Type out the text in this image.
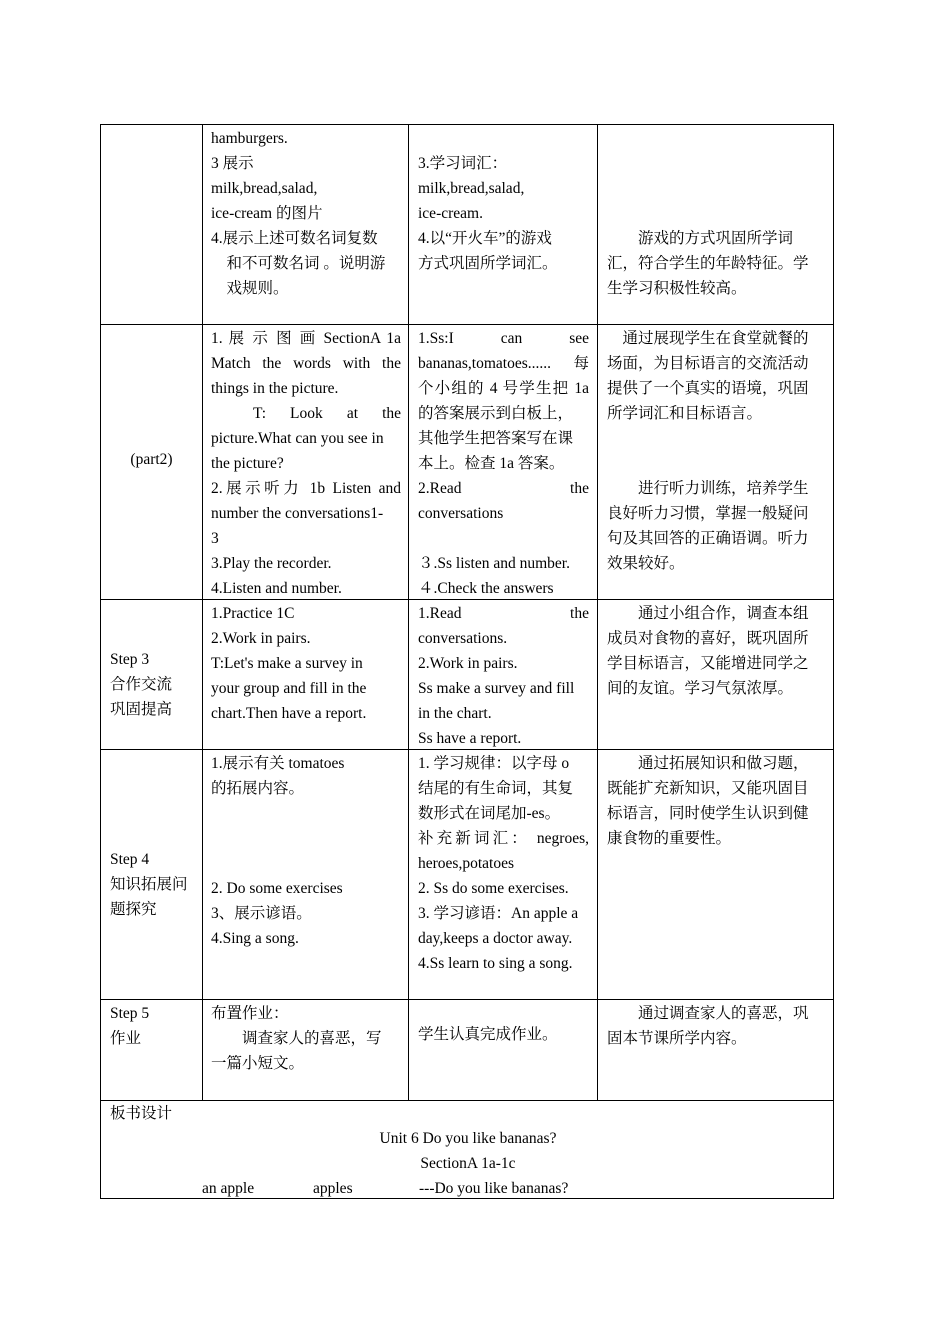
hamburgers.
3 展示
milk,bread,salad,
ice-cream 的图片
4.展示上述可数名词复数
和不可数名词 。说明游
戏规则。
3.学习词汇：
milk,bread,salad,
ice-cream.
4.以“开火车”的游戏
方式巩固所学词汇。
游戏的方式巩固所学词
汇，符合学生的年龄特征。学
生学习积极性较高。
(part2)
1. 展 示 图 画 SectionA 1a
Match the words with the
things in the picture.
T: Look at the
picture.What can you see in
the picture?
2.展示听力 1b Listen and
number the conversations1-
3
3.Play the recorder.
4.Listen and number.
1.Ss:I can see
bananas,tomatoes...... 每
个小组的 4 号学生把 1a
的答案展示到白板上，
其他学生把答案写在课
本上。检查 1a 答案。
2.Read the
conversations
３.Ss listen and number.
４.Check the answers
通过展现学生在食堂就餐的
场面，为目标语言的交流活动
提供了一个真实的语境，巩固
所学词汇和目标语言。
进行听力训练，培养学生
良好听力习惯，掌握一般疑问
句及其回答的正确语调。听力
效果较好。
Step 3
合作交流
巩固提高
1.Practice 1C
2.Work in pairs.
T:Let's make a survey in
your group and fill in the
chart.Then have a report.
1.Read the
conversations.
2.Work in pairs.
Ss make a survey and fill
in the chart.
Ss have a report.
通过小组合作，调查本组
成员对食物的喜好，既巩固所
学目标语言，又能增进同学之
间的友谊。学习气氛浓厚。
Step 4
知识拓展问
题探究
1.展示有关 tomatoes
的拓展内容。
2. Do some exercises
3、展示谚语。
4.Sing a song.
1. 学习规律：以字母 o
结尾的有生命词，其复
数形式在词尾加-es。
补充新词汇： negroes,
heroes,potatoes
2. Ss do some exercises.
3. 学习谚语：An apple a
day,keeps a doctor away.
4.Ss learn to sing a song.
通过拓展知识和做习题，
既能扩充新知识，又能巩固目
标语言，同时使学生认识到健
康食物的重要性。
Step 5
作业
布置作业：
调查家人的喜恶，写
一篇小短文。
学生认真完成作业。
通过调查家人的喜恶，巩
固本节课所学内容。
板书设计
Unit 6 Do you like bananas?
SectionA 1a-1c
an apple	apples	---Do you like bananas?
